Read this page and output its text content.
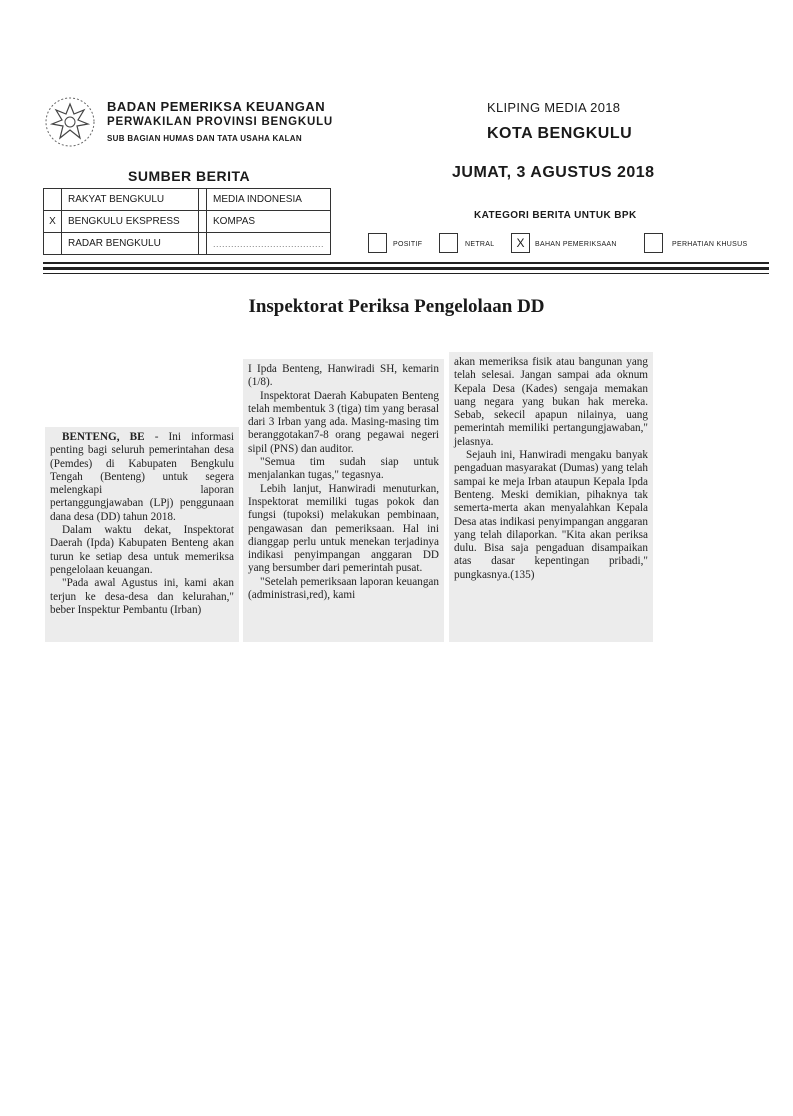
BADAN PEMERIKSA KEUANGAN
PERWAKILAN PROVINSI BENGKULU
SUB BAGIAN HUMAS DAN TATA USAHA KALAN
KLIPING MEDIA 2018
KOTA BENGKULU
JUMAT, 3 AGUSTUS 2018
SUMBER BERITA
	RAKYAT BENGKULU		MEDIA INDONESIA
X	BENGKULU EKSPRESS		KOMPAS
	RADAR BENGKULU		.....................................
KATEGORI BERITA UNTUK BPK
POSITIF	NETRAL	X	BAHAN PEMERIKSAAN	PERHATIAN KHUSUS
Inspektorat Periksa Pengelolaan DD

BENTENG, BE - Ini informasi penting bagi seluruh pemerintahan desa (Pemdes) di Kabupaten Bengkulu Tengah (Benteng) untuk segera melengkapi laporan pertanggungjawaban (LPj) penggunaan dana desa (DD) tahun 2018.

Dalam waktu dekat, Inspektorat Daerah (Ipda) Kabupaten Benteng akan turun ke setiap desa untuk memeriksa pengelolaan keuangan.

"Pada awal Agustus ini, kami akan terjun ke desa-desa dan kelurahan," beber Inspektur Pembantu (Irban)

I Ipda Benteng, Hanwiradi SH, kemarin (1/8).

Inspektorat Daerah Kabupaten Benteng telah membentuk 3 (tiga) tim yang berasal dari 3 Irban yang ada. Masing-masing tim beranggotakan7-8 orang pegawai negeri sipil (PNS) dan auditor.

"Semua tim sudah siap untuk menjalankan tugas," tegasnya.

Lebih lanjut, Hanwiradi menuturkan, Inspektorat memiliki tugas pokok dan fungsi (tupoksi) melakukan pembinaan, pengawasan dan pemeriksaan. Hal ini dianggap perlu untuk menekan terjadinya indikasi penyimpangan anggaran DD yang bersumber dari pemerintah pusat.

"Setelah pemeriksaan laporan keuangan (administrasi,red), kami

akan memeriksa fisik atau bangunan yang telah selesai. Jangan sampai ada oknum Kepala Desa (Kades) sengaja memakan uang negara yang bukan hak mereka. Sebab, sekecil apapun nilainya, uang pemerintah memiliki pertangungjawaban," jelasnya.

Sejauh ini, Hanwiradi mengaku banyak pengaduan masyarakat (Dumas) yang telah sampai ke meja Irban ataupun Kepala Ipda Benteng. Meski demikian, pihaknya tak semerta-merta akan menyalahkan Kepala Desa atas indikasi penyimpangan anggaran yang telah dilaporkan. "Kita akan periksa dulu. Bisa saja pengaduan disampaikan atas dasar kepentingan pribadi," pungkasnya.(135)
